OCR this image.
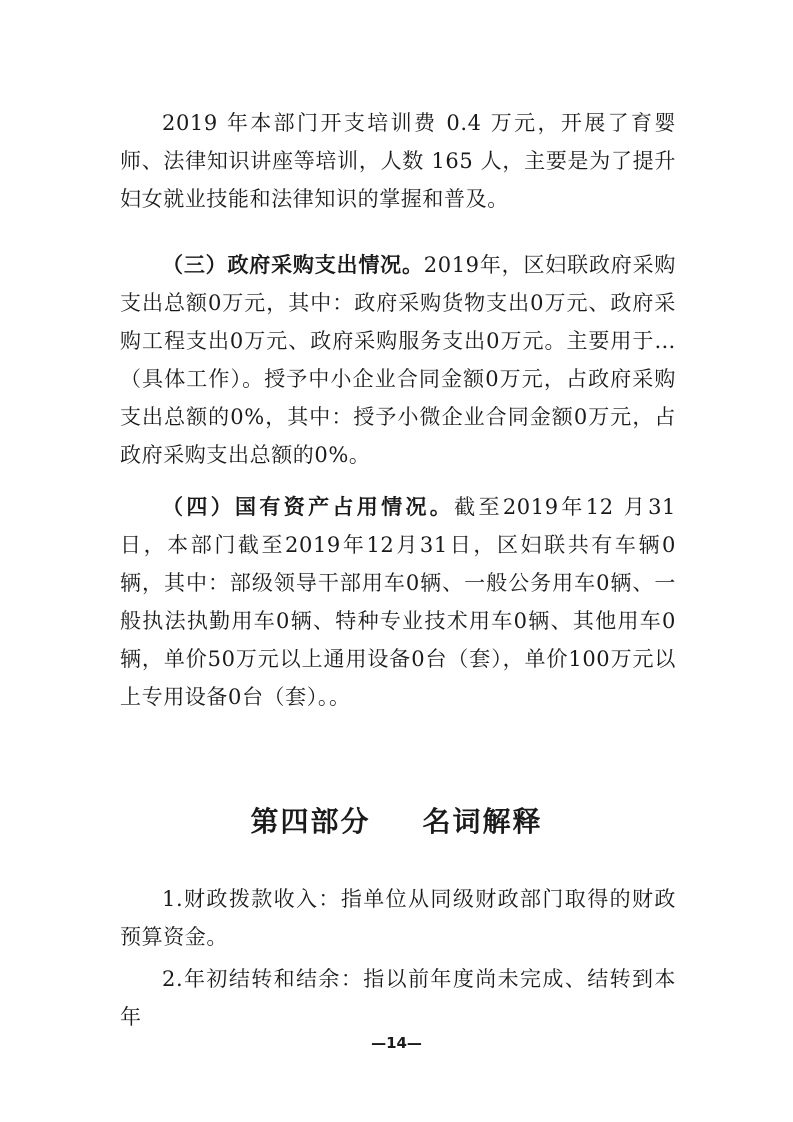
2019 年本部门开支培训费 0.4 万元，开展了育婴师、法律知识讲座等培训，人数 165 人，主要是为了提升妇女就业技能和法律知识的掌握和普及。

（三）政府采购支出情况。2019年，区妇联政府采购支出总额0万元，其中：政府采购货物支出0万元、政府采购工程支出0万元、政府采购服务支出0万元。主要用于…（具体工作）。授予中小企业合同金额0万元，占政府采购支出总额的0%，其中：授予小微企业合同金额0万元，占政府采购支出总额的0%。

（四）国有资产占用情况。截至2019年12 月31 日，本部门截至2019年12月31日，区妇联共有车辆0辆，其中：部级领导干部用车0辆、一般公务用车0辆、一般执法执勤用车0辆、特种专业技术用车0辆、其他用车0辆，单价50万元以上通用设备0台（套），单价100万元以上专用设备0台（套）。。

第四部分 名词解释

1.财政拨款收入：指单位从同级财政部门取得的财政预算资金。

2.年初结转和结余：指以前年度尚未完成、结转到本年

—14—
